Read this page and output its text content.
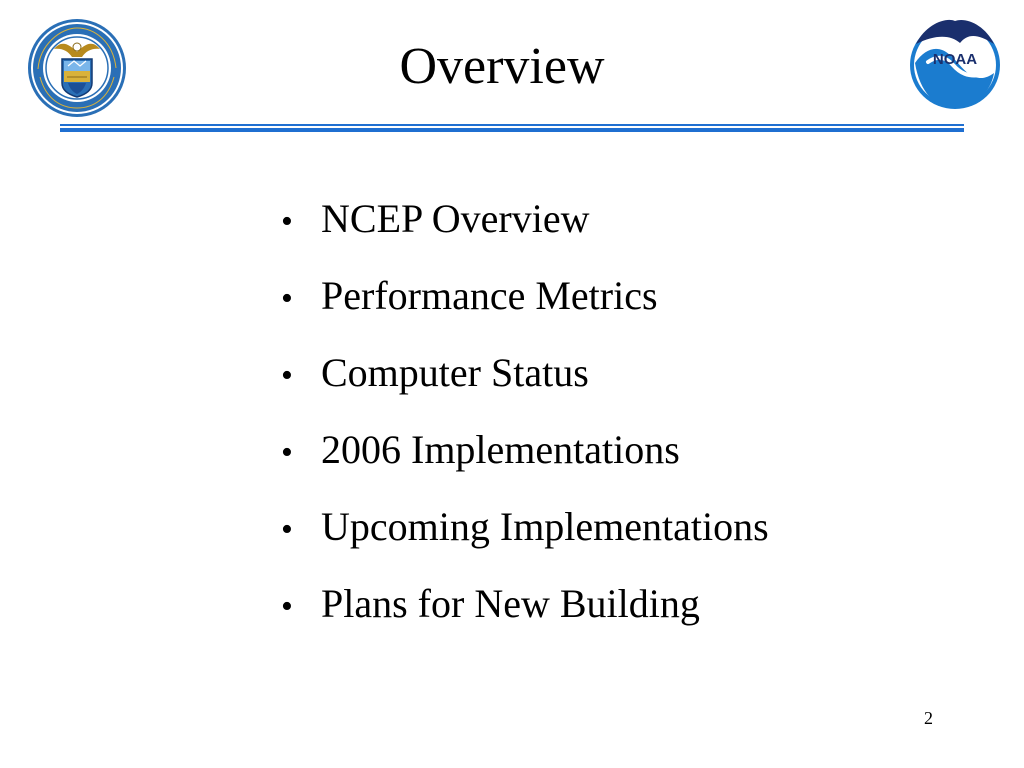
Overview	NOAA
• NCEP Overview
• Performance Metrics
• Computer Status
• 2006 Implementations
• Upcoming Implementations
• Plans for New Building
2
